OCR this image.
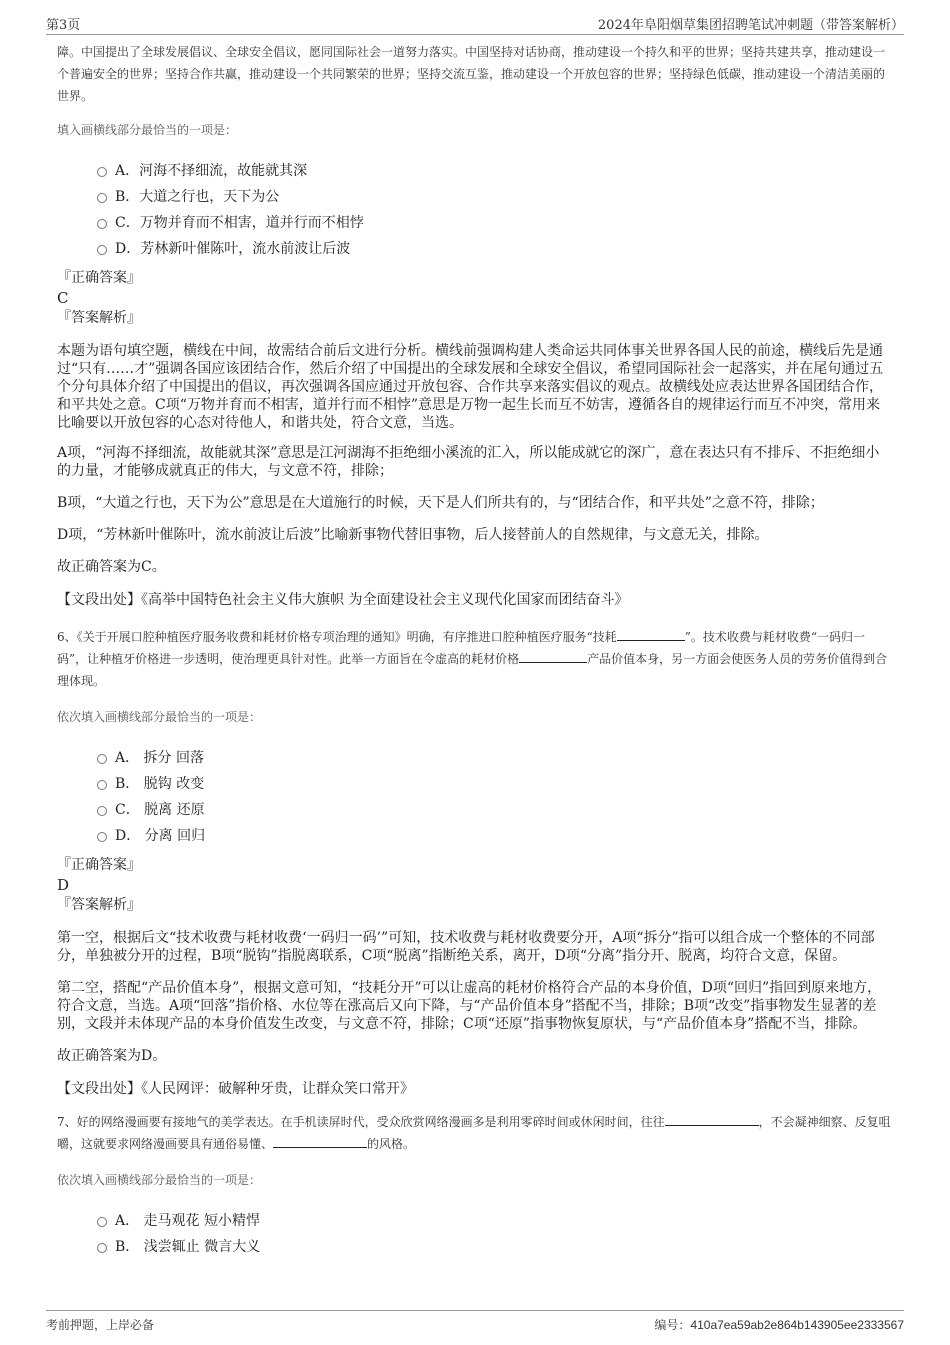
第3页	2024年阜阳烟草集团招聘笔试冲刺题（带答案解析）
障。中国提出了全球发展倡议、全球安全倡议，愿同国际社会一道努力落实。中国坚持对话协商，推动建设一个持久和平的世界；坚持共建共享，推动建设一个普遍安全的世界；坚持合作共赢，推动建设一个共同繁荣的世界；坚持交流互鉴，推动建设一个开放包容的世界；坚持绿色低碳，推动建设一个清洁美丽的世界。
填入画横线部分最恰当的一项是：
A．河海不择细流，故能就其深
B．大道之行也，天下为公
C．万物并育而不相害，道并行而不相悖
D．芳林新叶催陈叶，流水前波让后波

『正确答案』

C

『答案解析』

本题为语句填空题，横线在中间，故需结合前后文进行分析。横线前强调构建人类命运共同体事关世界各国人民的前途，横线后先是通过“只有……才”强调各国应该团结合作，然后介绍了中国提出的全球发展和全球安全倡议，希望同国际社会一起落实，并在尾句通过五个分句具体介绍了中国提出的倡议，再次强调各国应通过开放包容、合作共享来落实倡议的观点。故横线处应表达世界各国团结合作，和平共处之意。C项“万物并育而不相害，道并行而不相悖”意思是万物一起生长而互不妨害，遵循各自的规律运行而互不冲突，常用来比喻要以开放包容的心态对待他人，和谐共处，符合文意，当选。

A项，“河海不择细流，故能就其深”意思是江河湖海不拒绝细小溪流的汇入，所以能成就它的深广，意在表达只有不排斥、不拒绝细小的力量，才能够成就真正的伟大，与文意不符，排除；

B项，“大道之行也，天下为公”意思是在大道施行的时候，天下是人们所共有的，与“团结合作，和平共处”之意不符，排除；

D项，“芳林新叶催陈叶，流水前波让后波”比喻新事物代替旧事物，后人接替前人的自然规律，与文意无关，排除。

故正确答案为C。

【文段出处】《高举中国特色社会主义伟大旗帜 为全面建设社会主义现代化国家而团结奋斗》

6、《关于开展口腔种植医疗服务收费和耗材价格专项治理的通知》明确，有序推进口腔种植医疗服务“技耗	”。技术收费与耗材收费“一码归一码”，让种植牙价格进一步透明，使治理更具针对性。此举一方面旨在令虚高的耗材价格	产品价值本身，另一方面会使医务人员的劳务价值得到合理体现。
依次填入画横线部分最恰当的一项是：
A． 拆分 回落
B． 脱钩 改变
C． 脱离 还原
D． 分离 回归

『正确答案』

D

『答案解析』

第一空，根据后文“技术收费与耗材收费‘一码归一码’”可知，技术收费与耗材收费要分开，A项“拆分”指可以组合成一个整体的不同部分，单独被分开的过程，B项“脱钩”指脱离联系，C项“脱离”指断绝关系，离开，D项“分离”指分开、脱离，均符合文意，保留。

第二空，搭配“产品价值本身”，根据文意可知，“技耗分开”可以让虚高的耗材价格符合产品的本身价值，D项“回归”指回到原来地方，符合文意，当选。A项“回落”指价格、水位等在涨高后又向下降，与“产品价值本身”搭配不当，排除；B项“改变”指事物发生显著的差别，文段并未体现产品的本身价值发生改变，与文意不符，排除；C项“还原”指事物恢复原状，与“产品价值本身”搭配不当，排除。

故正确答案为D。

【文段出处】《人民网评：破解种牙贵，让群众笑口常开》

7、好的网络漫画要有接地气的美学表达。在手机读屏时代，受众欣赏网络漫画多是利用零碎时间或休闲时间，往往	，不会凝神细察、反复咀嚼，这就要求网络漫画要具有通俗易懂、	的风格。
依次填入画横线部分最恰当的一项是：
A． 走马观花 短小精悍
B． 浅尝辄止 微言大义
考前押题，上岸必备	编号：410a7ea59ab2e864b143905ee2333567
